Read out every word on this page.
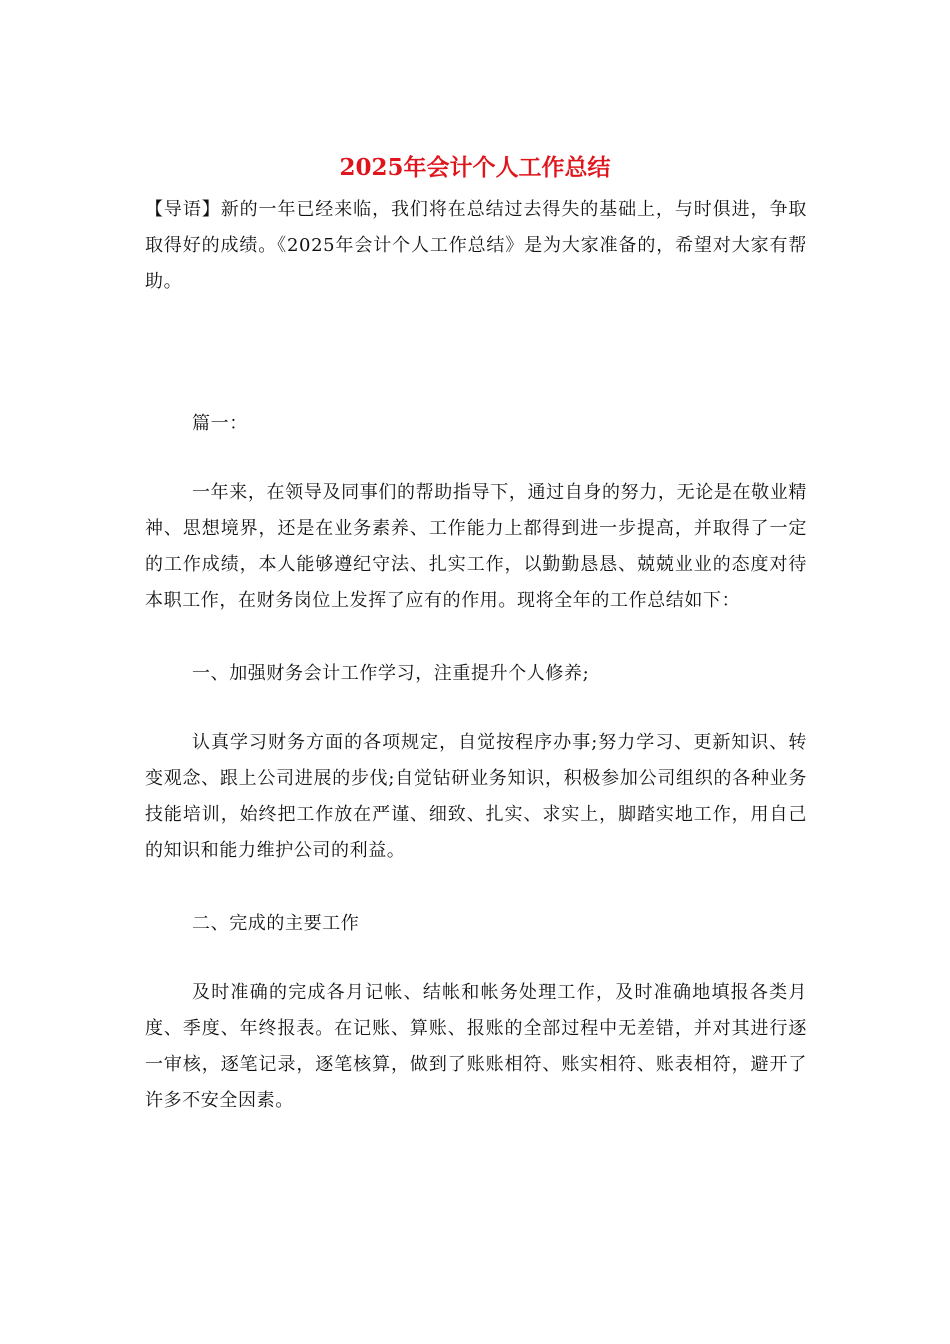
2025年会计个人工作总结

【导语】新的一年已经来临，我们将在总结过去得失的基础上，与时俱进，争取取得好的成绩。《2025年会计个人工作总结》是为大家准备的，希望对大家有帮助。

篇一：

一年来，在领导及同事们的帮助指导下，通过自身的努力，无论是在敬业精神、思想境界，还是在业务素养、工作能力上都得到进一步提高，并取得了一定的工作成绩，本人能够遵纪守法、扎实工作，以勤勤恳恳、兢兢业业的态度对待本职工作，在财务岗位上发挥了应有的作用。现将全年的工作总结如下：

一、加强财务会计工作学习，注重提升个人修养;

认真学习财务方面的各项规定，自觉按程序办事;努力学习、更新知识、转变观念、跟上公司进展的步伐;自觉钻研业务知识，积极参加公司组织的各种业务技能培训，始终把工作放在严谨、细致、扎实、求实上，脚踏实地工作，用自己的知识和能力维护公司的利益。

二、完成的主要工作

及时准确的完成各月记帐、结帐和帐务处理工作，及时准确地填报各类月度、季度、年终报表。在记账、算账、报账的全部过程中无差错，并对其进行逐一审核，逐笔记录，逐笔核算，做到了账账相符、账实相符、账表相符，避开了许多不安全因素。
